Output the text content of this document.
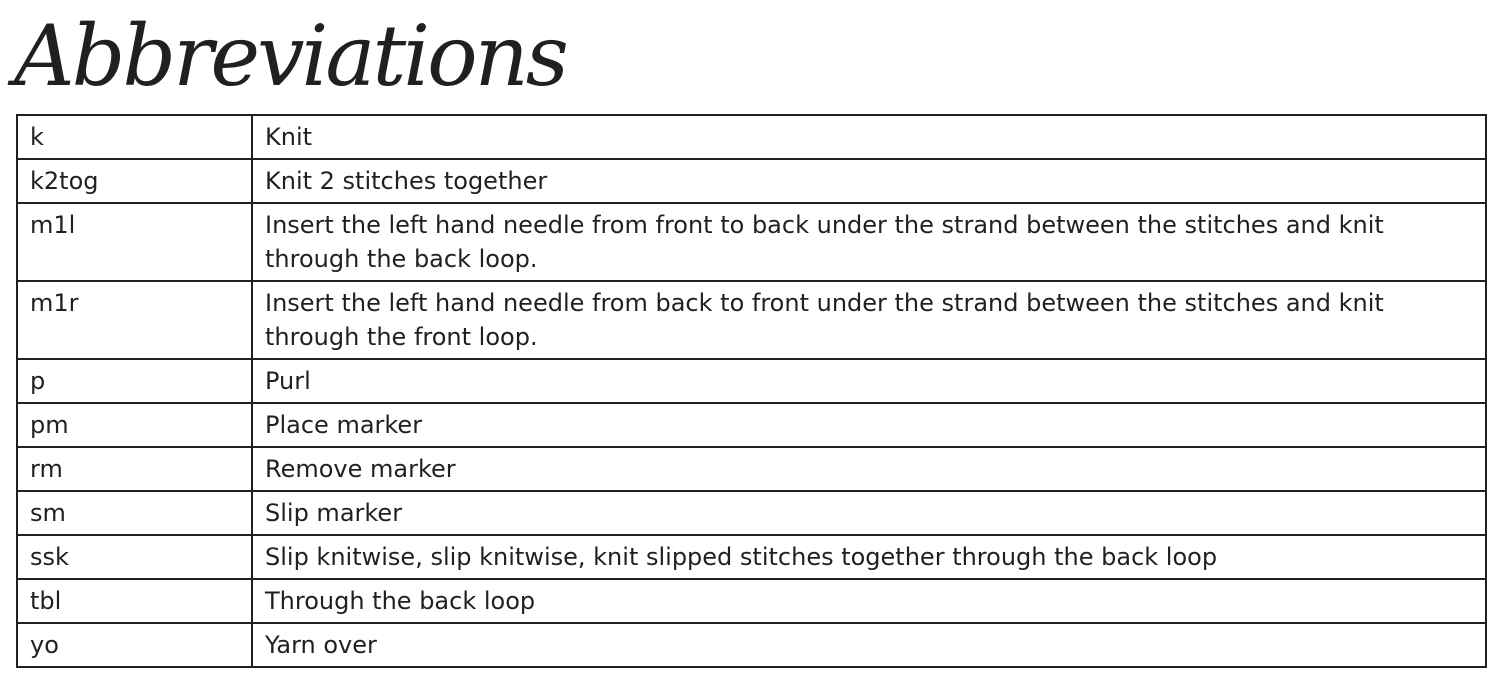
Abbreviations
k	Knit
k2tog	Knit 2 stitches together
m1l	Insert the left hand needle from front to back under the strand between the stitches and knit through the back loop.
m1r	Insert the left hand needle from back to front under the strand between the stitches and knit through the front loop.
p	Purl
pm	Place marker
rm	Remove marker
sm	Slip marker
ssk	Slip knitwise, slip knitwise, knit slipped stitches together through the back loop
tbl	Through the back loop
yo	Yarn over
